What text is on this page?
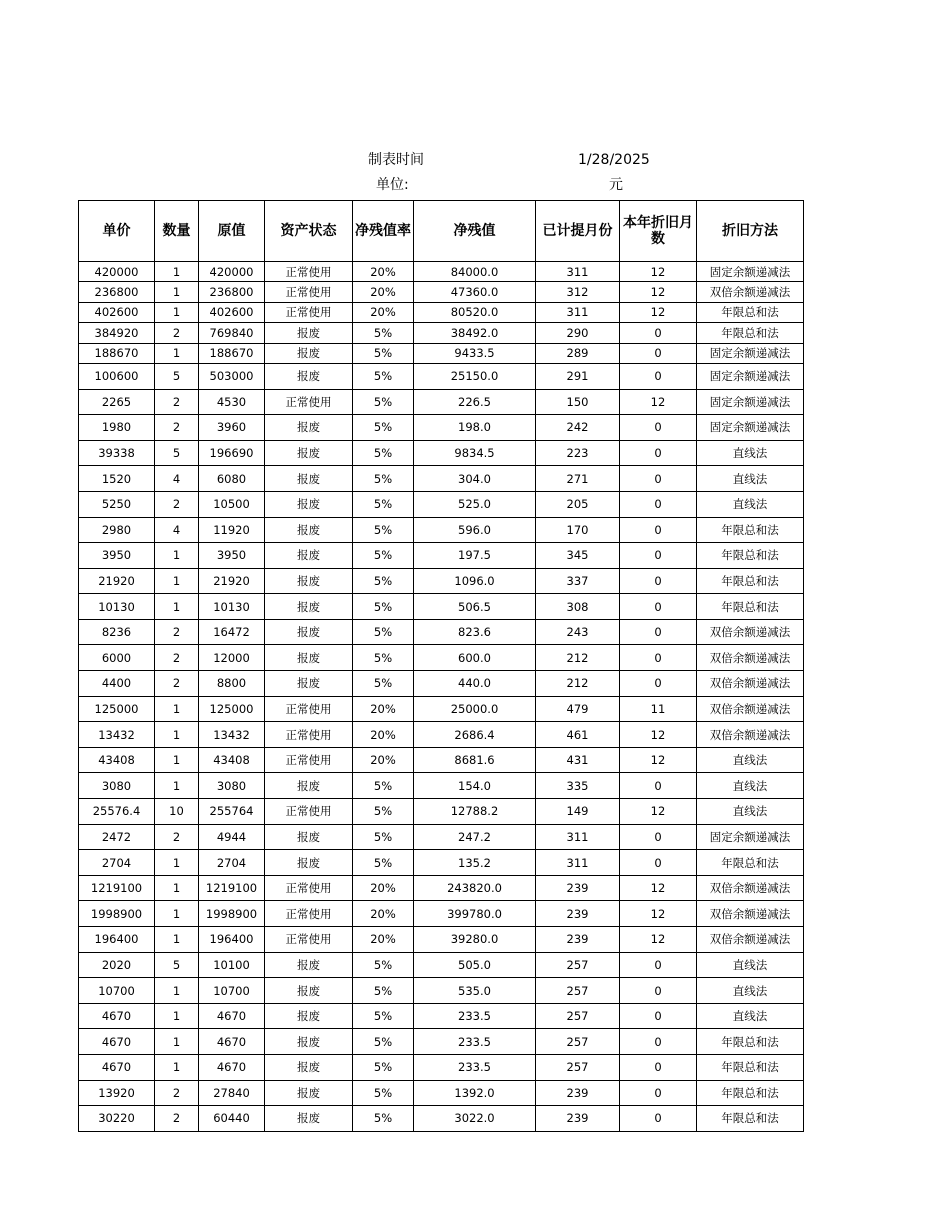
制表时间	1/28/2025
单位:	元
单价	数量	原值	资产状态	净残值率	净残值	已计提月份	本年折旧月数	折旧方法
420000	1	420000	正常使用	20%	84000.0	311	12	固定余额递减法
236800	1	236800	正常使用	20%	47360.0	312	12	双倍余额递减法
402600	1	402600	正常使用	20%	80520.0	311	12	年限总和法
384920	2	769840	报废	5%	38492.0	290	0	年限总和法
188670	1	188670	报废	5%	9433.5	289	0	固定余额递减法
100600	5	503000	报废	5%	25150.0	291	0	固定余额递减法
2265	2	4530	正常使用	5%	226.5	150	12	固定余额递减法
1980	2	3960	报废	5%	198.0	242	0	固定余额递减法
39338	5	196690	报废	5%	9834.5	223	0	直线法
1520	4	6080	报废	5%	304.0	271	0	直线法
5250	2	10500	报废	5%	525.0	205	0	直线法
2980	4	11920	报废	5%	596.0	170	0	年限总和法
3950	1	3950	报废	5%	197.5	345	0	年限总和法
21920	1	21920	报废	5%	1096.0	337	0	年限总和法
10130	1	10130	报废	5%	506.5	308	0	年限总和法
8236	2	16472	报废	5%	823.6	243	0	双倍余额递减法
6000	2	12000	报废	5%	600.0	212	0	双倍余额递减法
4400	2	8800	报废	5%	440.0	212	0	双倍余额递减法
125000	1	125000	正常使用	20%	25000.0	479	11	双倍余额递减法
13432	1	13432	正常使用	20%	2686.4	461	12	双倍余额递减法
43408	1	43408	正常使用	20%	8681.6	431	12	直线法
3080	1	3080	报废	5%	154.0	335	0	直线法
25576.4	10	255764	正常使用	5%	12788.2	149	12	直线法
2472	2	4944	报废	5%	247.2	311	0	固定余额递减法
2704	1	2704	报废	5%	135.2	311	0	年限总和法
1219100	1	1219100	正常使用	20%	243820.0	239	12	双倍余额递减法
1998900	1	1998900	正常使用	20%	399780.0	239	12	双倍余额递减法
196400	1	196400	正常使用	20%	39280.0	239	12	双倍余额递减法
2020	5	10100	报废	5%	505.0	257	0	直线法
10700	1	10700	报废	5%	535.0	257	0	直线法
4670	1	4670	报废	5%	233.5	257	0	直线法
4670	1	4670	报废	5%	233.5	257	0	年限总和法
4670	1	4670	报废	5%	233.5	257	0	年限总和法
13920	2	27840	报废	5%	1392.0	239	0	年限总和法
30220	2	60440	报废	5%	3022.0	239	0	年限总和法
